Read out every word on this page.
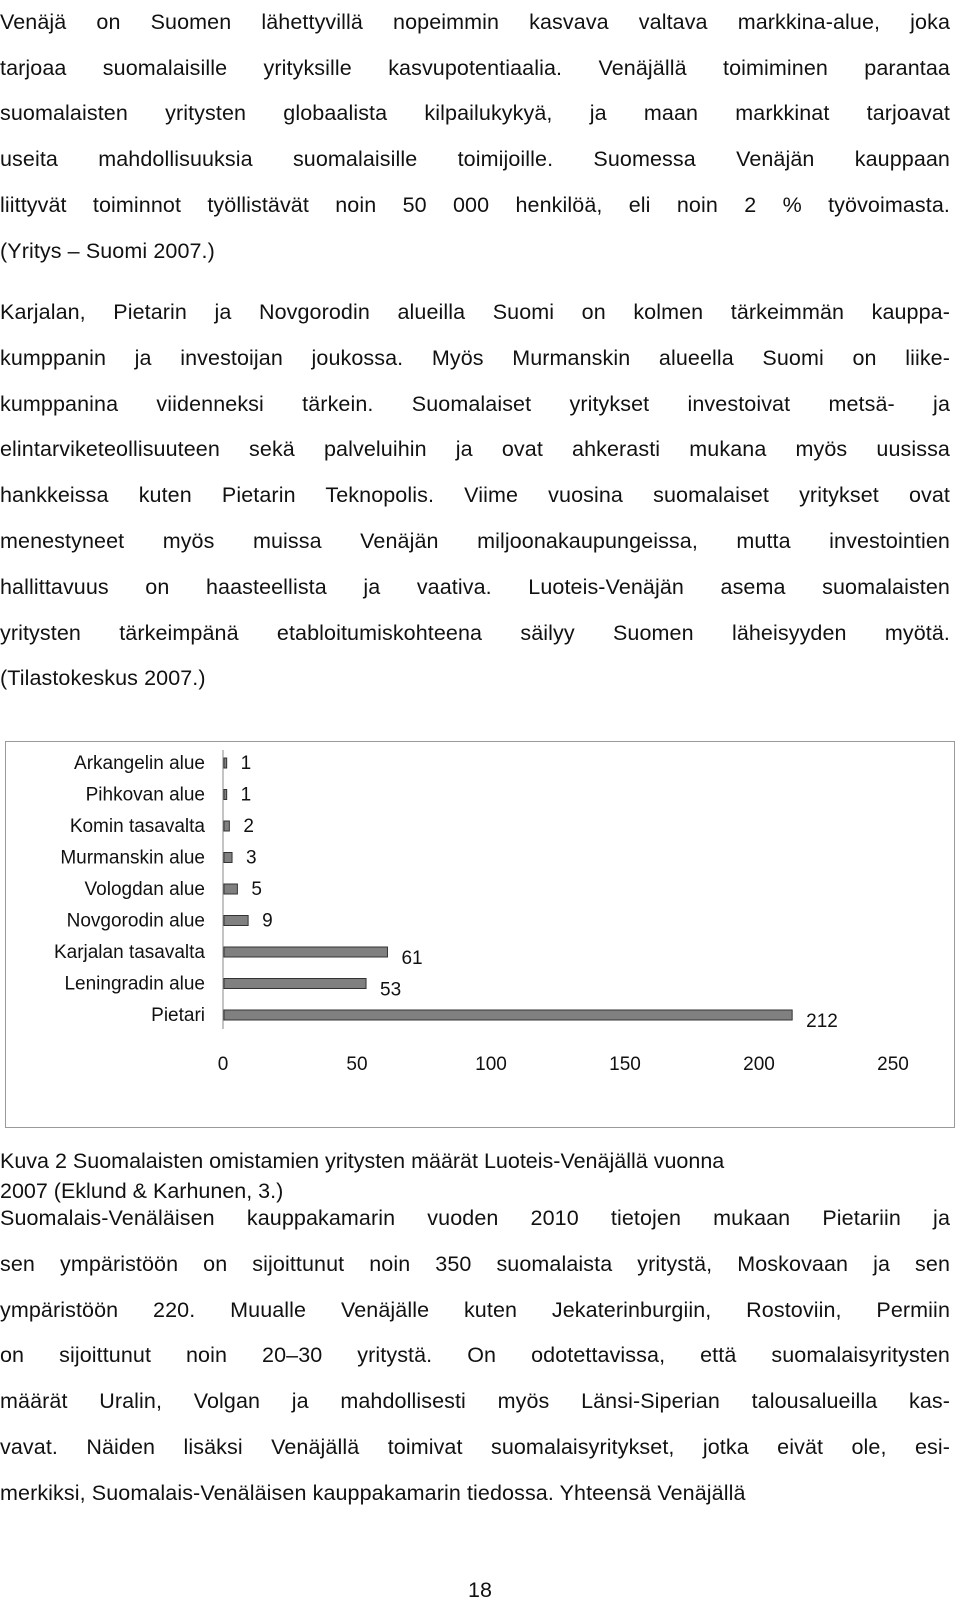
Venäjä on Suomen lähettyvillä nopeimmin kasvava valtava markkina-alue, joka
tarjoaa suomalaisille yrityksille kasvupotentiaalia. Venäjällä toimiminen parantaa
suomalaisten yritysten globaalista kilpailukykyä, ja maan markkinat tarjoavat
useita mahdollisuuksia suomalaisille toimijoille. Suomessa Venäjän kauppaan
liittyvät toiminnot työllistävät noin 50 000 henkilöä, eli noin 2 % työvoimasta.
(Yritys – Suomi 2007.)
Karjalan, Pietarin ja Novgorodin alueilla Suomi on kolmen tärkeimmän kauppa-
kumppanin ja investoijan joukossa. Myös Murmanskin alueella Suomi on liike-
kumppanina viidenneksi tärkein. Suomalaiset yritykset investoivat metsä- ja
elintarviketeollisuuteen sekä palveluihin ja ovat ahkerasti mukana myös uusissa
hankkeissa kuten Pietarin Teknopolis. Viime vuosina suomalaiset yritykset ovat
menestyneet myös muissa Venäjän miljoonakaupungeissa, mutta investointien
hallittavuus on haasteellista ja vaativa. Luoteis-Venäjän asema suomalaisten
yritysten tärkeimpänä etabloitumiskohteena säilyy Suomen läheisyyden myötä.
(Tilastokeskus 2007.)
Arkangelin alue 1
Pihkovan alue 1
Komin tasavalta 2
Murmanskin alue 3
Vologdan alue 5
Novgorodin alue	9
Karjalan tasavalta	61
Leningradin alue	53
Pietari	212
0	50	100	150	200	250
Kuva 2 Suomalaisten omistamien yritysten määrät Luoteis-Venäjällä vuonna
2007 (Eklund & Karhunen, 3.)
Suomalais-Venäläisen kauppakamarin vuoden 2010 tietojen mukaan Pietariin ja
sen ympäristöön on sijoittunut noin 350 suomalaista yritystä, Moskovaan ja sen
ympäristöön 220. Muualle Venäjälle kuten Jekaterinburgiin, Rostoviin, Permiin
on sijoittunut noin 20–30 yritystä. On odotettavissa, että suomalaisyritysten
määrät Uralin, Volgan ja mahdollisesti myös Länsi-Siperian talousalueilla kas-
vavat. Näiden lisäksi Venäjällä toimivat suomalaisyritykset, jotka eivät ole, esi-
merkiksi, Suomalais-Venäläisen kauppakamarin tiedossa. Yhteensä Venäjällä
18
